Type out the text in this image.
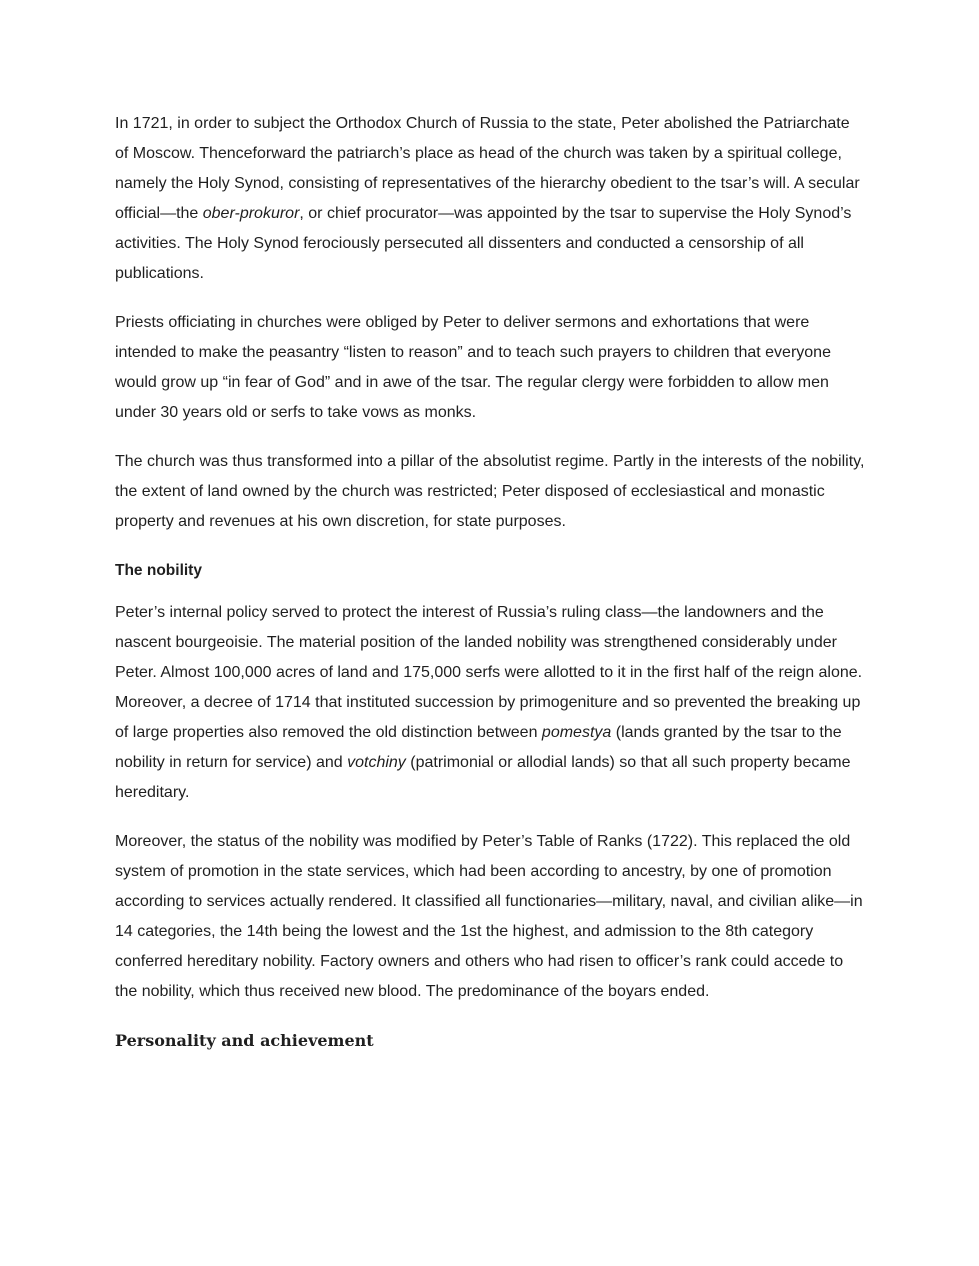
In 1721, in order to subject the Orthodox Church of Russia to the state, Peter abolished the Patriarchate of Moscow. Thenceforward the patriarch’s place as head of the church was taken by a spiritual college, namely the Holy Synod, consisting of representatives of the hierarchy obedient to the tsar’s will. A secular official—the ober-prokuror, or chief procurator—was appointed by the tsar to supervise the Holy Synod’s activities. The Holy Synod ferociously persecuted all dissenters and conducted a censorship of all publications.

Priests officiating in churches were obliged by Peter to deliver sermons and exhortations that were intended to make the peasantry “listen to reason” and to teach such prayers to children that everyone would grow up “in fear of God” and in awe of the tsar. The regular clergy were forbidden to allow men under 30 years old or serfs to take vows as monks.

The church was thus transformed into a pillar of the absolutist regime. Partly in the interests of the nobility, the extent of land owned by the church was restricted; Peter disposed of ecclesiastical and monastic property and revenues at his own discretion, for state purposes.

The nobility

Peter’s internal policy served to protect the interest of Russia’s ruling class—the landowners and the nascent bourgeoisie. The material position of the landed nobility was strengthened considerably under Peter. Almost 100,000 acres of land and 175,000 serfs were allotted to it in the first half of the reign alone. Moreover, a decree of 1714 that instituted succession by primogeniture and so prevented the breaking up of large properties also removed the old distinction between pomestya (lands granted by the tsar to the nobility in return for service) and votchiny (patrimonial or allodial lands) so that all such property became hereditary.

Moreover, the status of the nobility was modified by Peter’s Table of Ranks (1722). This replaced the old system of promotion in the state services, which had been according to ancestry, by one of promotion according to services actually rendered. It classified all functionaries—military, naval, and civilian alike—in 14 categories, the 14th being the lowest and the 1st the highest, and admission to the 8th category conferred hereditary nobility. Factory owners and others who had risen to officer’s rank could accede to the nobility, which thus received new blood. The predominance of the boyars ended.

Personality and achievement
